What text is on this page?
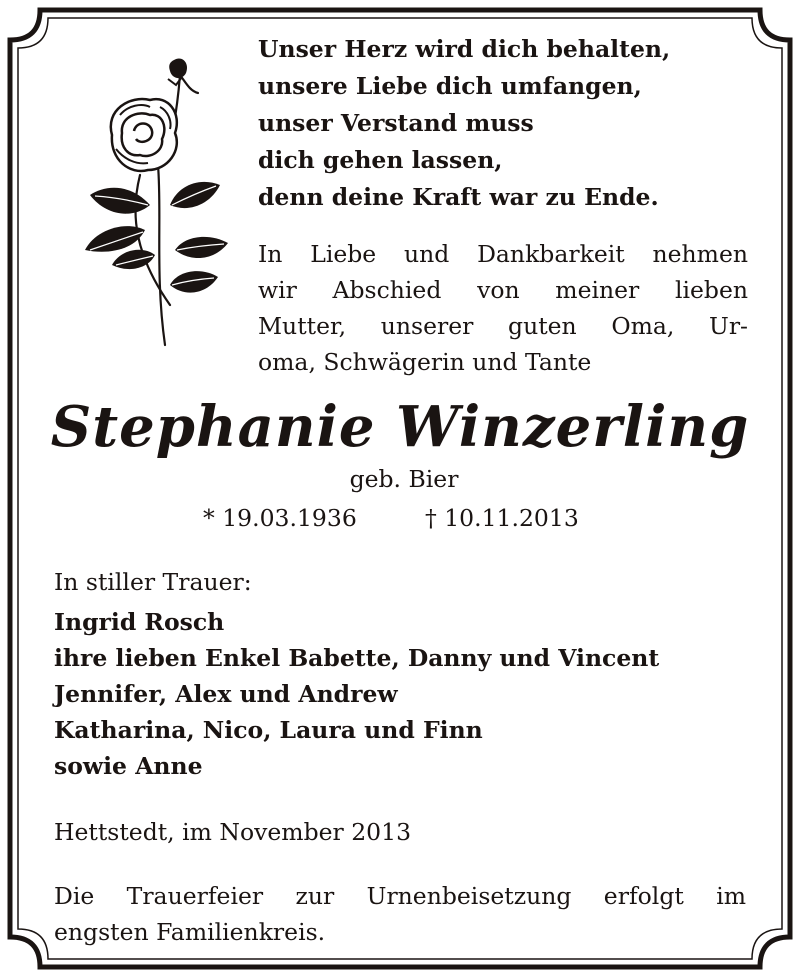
Unser Herz wird dich behalten,
unsere Liebe dich umfangen,
unser Verstand muss
dich gehen lassen,
denn deine Kraft war zu Ende.
In Liebe und Dankbarkeit nehmen
wir Abschied von meiner lieben
Mutter, unserer guten Oma, Ur-
oma, Schwägerin und Tante
Stephanie Winzerling
geb. Bier
* 19.03.1936	† 10.11.2013
In stiller Trauer:
Ingrid Rosch
ihre lieben Enkel Babette, Danny und Vincent
Jennifer, Alex und Andrew
Katharina, Nico, Laura und Finn
sowie Anne
Hettstedt, im November 2013
Die Trauerfeier zur Urnenbeisetzung erfolgt im
engsten Familienkreis.
